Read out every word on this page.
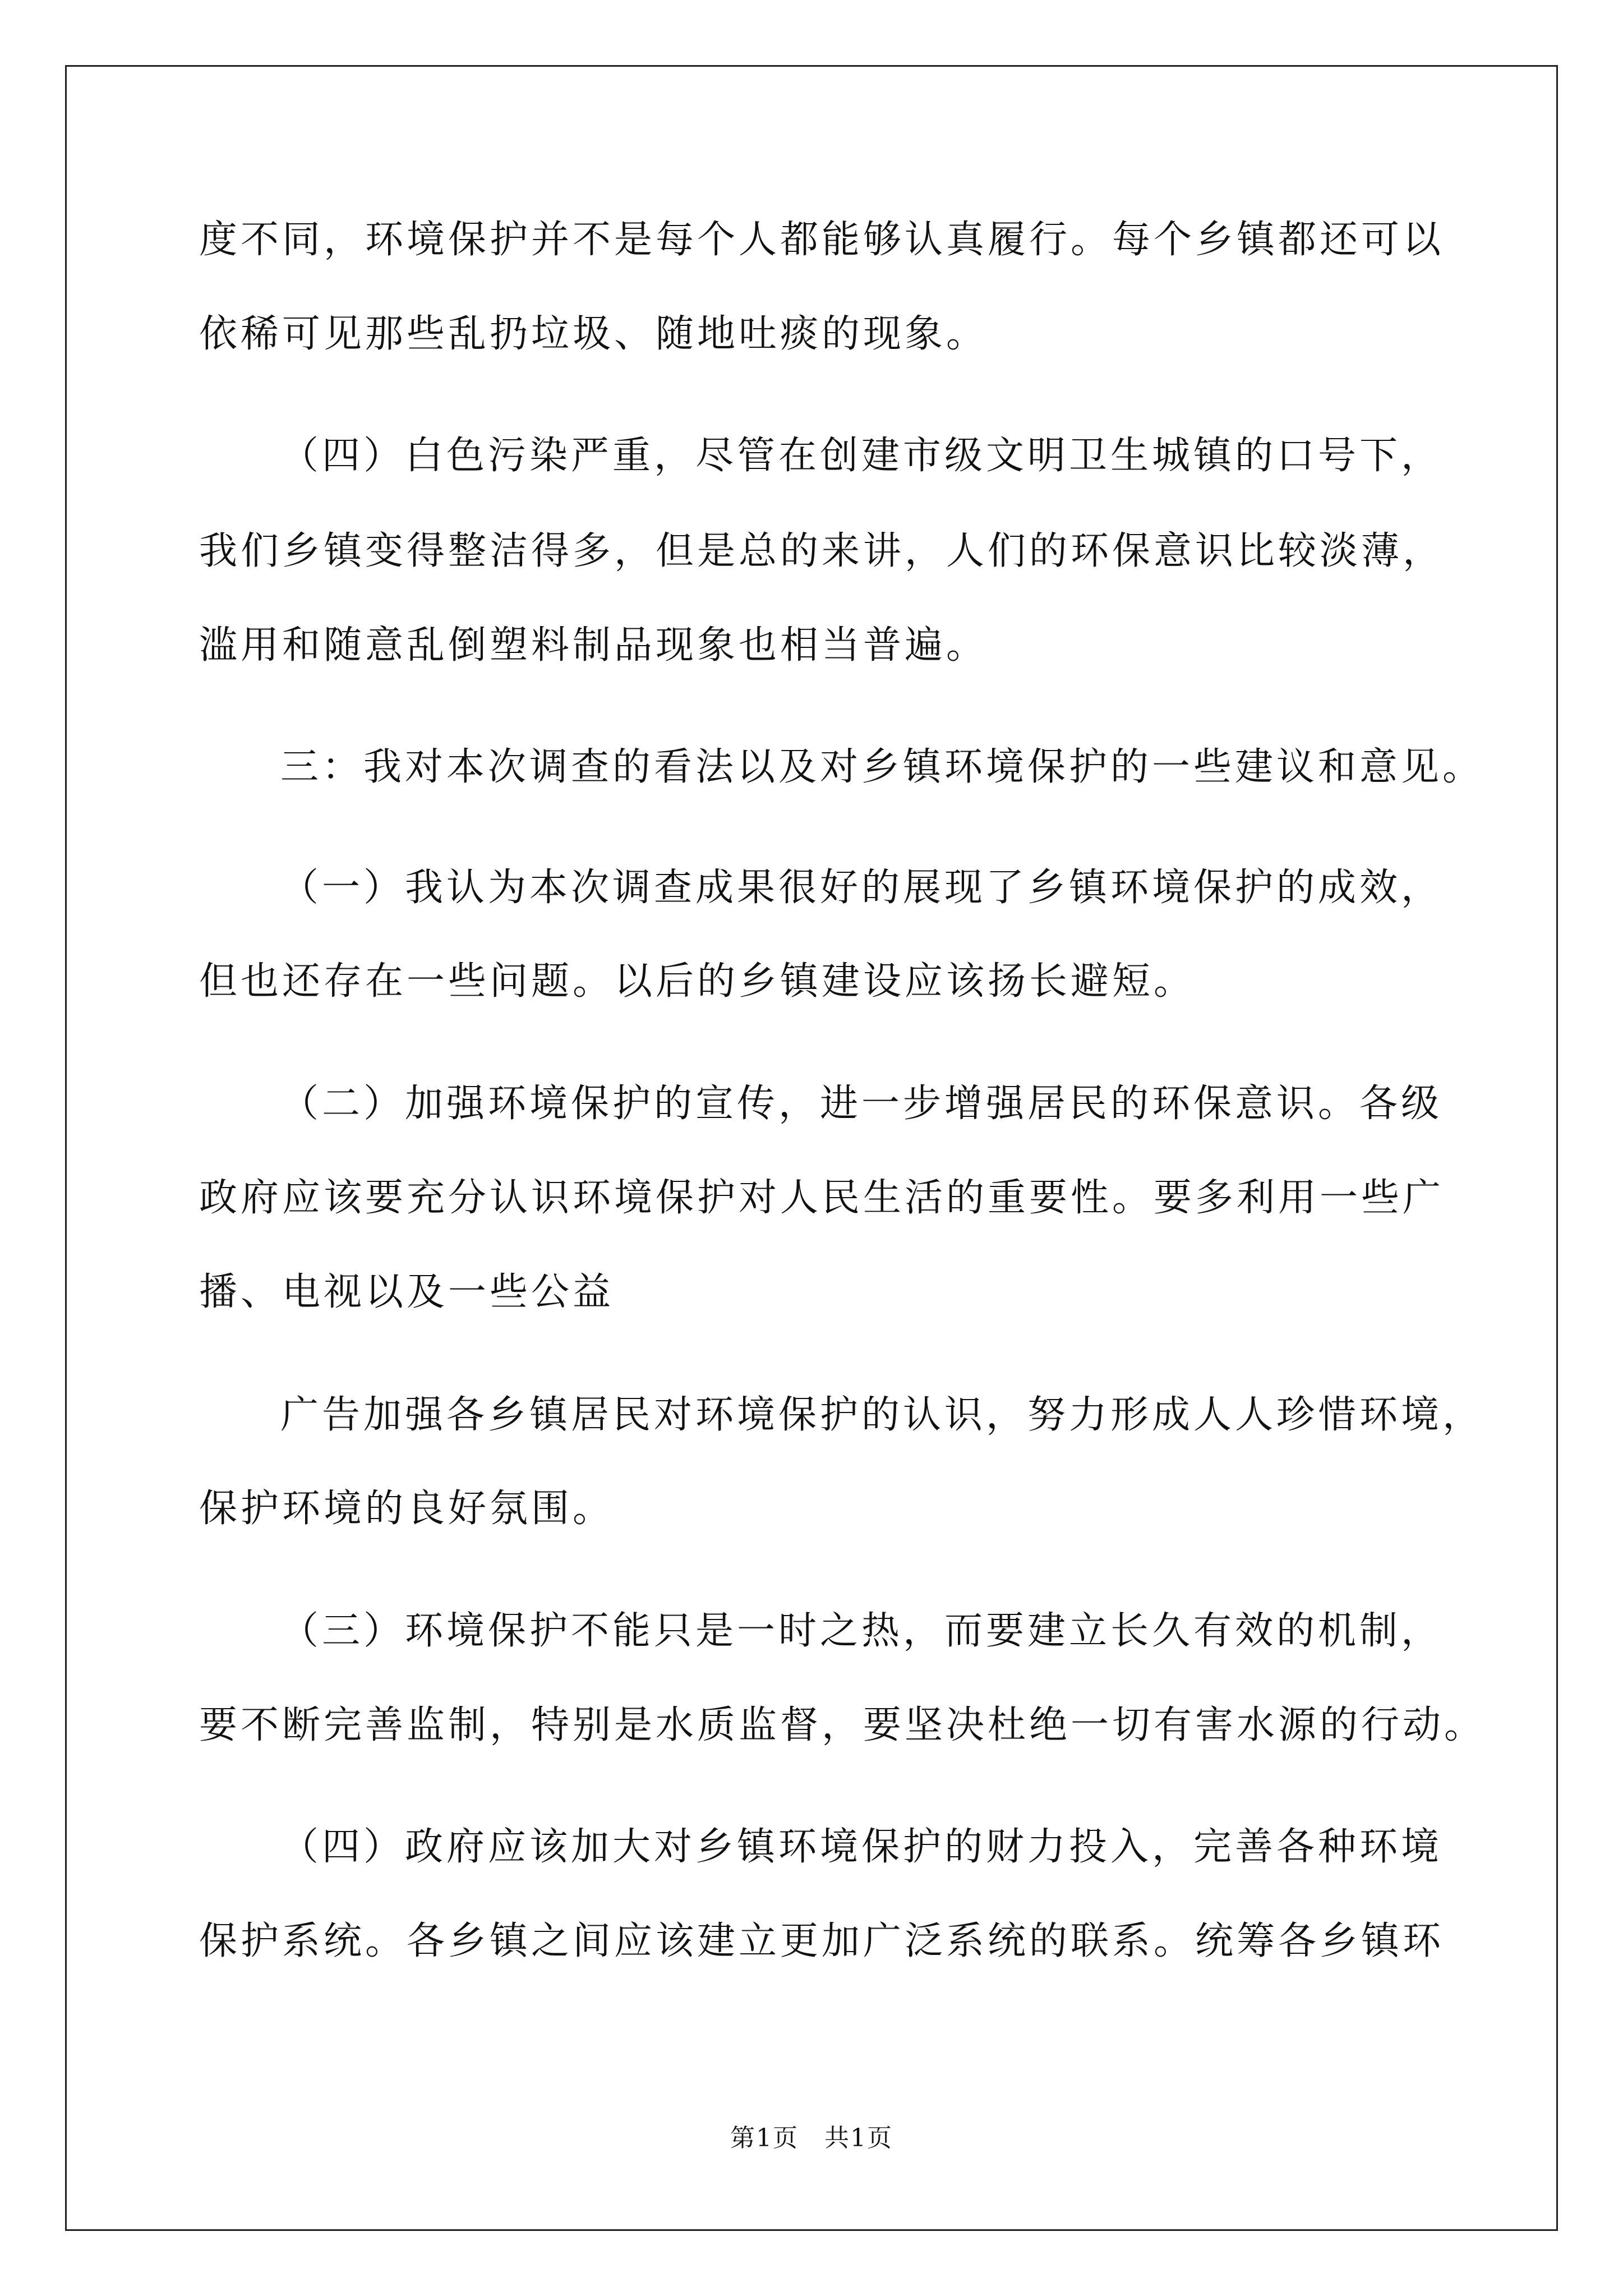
度不同，环境保护并不是每个人都能够认真履行。每个乡镇都还可以
依稀可见那些乱扔垃圾、随地吐痰的现象。
（四）白色污染严重，尽管在创建市级文明卫生城镇的口号下，
我们乡镇变得整洁得多，但是总的来讲，人们的环保意识比较淡薄，
滥用和随意乱倒塑料制品现象也相当普遍。
三：我对本次调查的看法以及对乡镇环境保护的一些建议和意见。
（一）我认为本次调查成果很好的展现了乡镇环境保护的成效，
但也还存在一些问题。以后的乡镇建设应该扬长避短。
（二）加强环境保护的宣传，进一步增强居民的环保意识。各级
政府应该要充分认识环境保护对人民生活的重要性。要多利用一些广
播、电视以及一些公益
广告加强各乡镇居民对环境保护的认识，努力形成人人珍惜环境，
保护环境的良好氛围。
（三）环境保护不能只是一时之热，而要建立长久有效的机制，
要不断完善监制，特别是水质监督，要坚决杜绝一切有害水源的行动。
（四）政府应该加大对乡镇环境保护的财力投入，完善各种环境
保护系统。各乡镇之间应该建立更加广泛系统的联系。统筹各乡镇环
第1页　共1页
